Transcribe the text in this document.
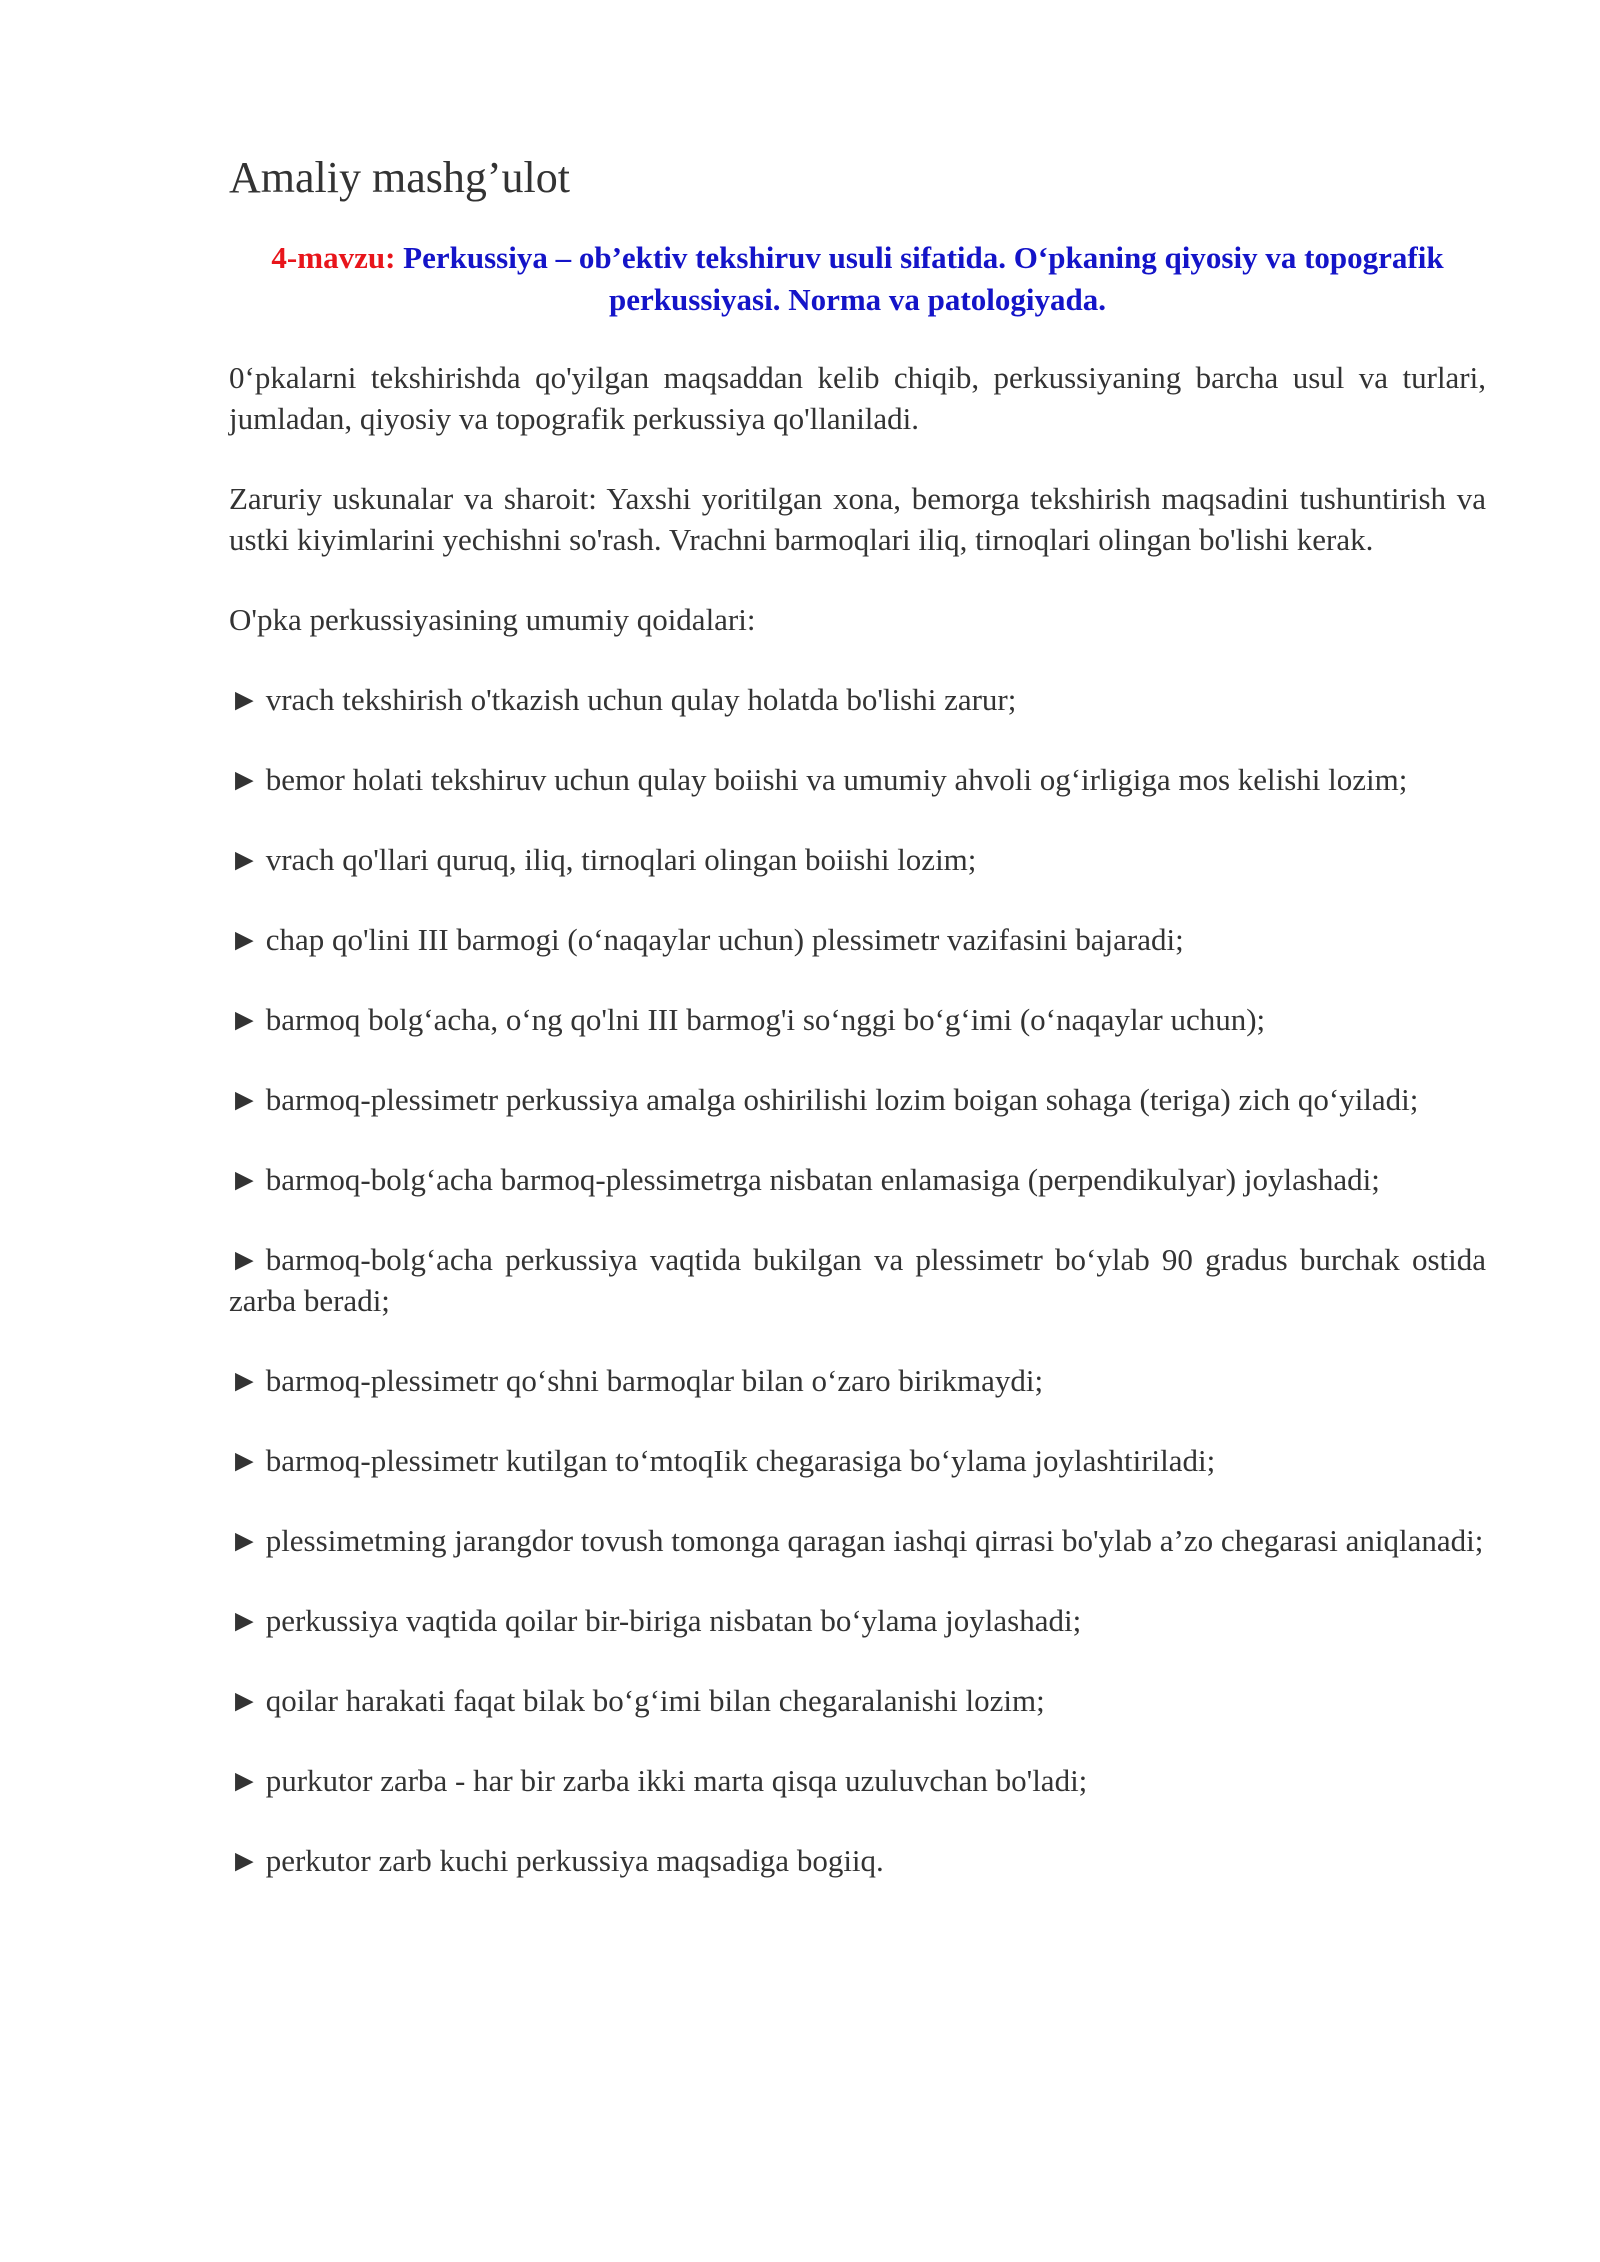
Amaliy mashg’ulot
4-mavzu: Perkussiya – ob’ektiv tekshiruv usuli sifatida. O‘pkaning qiyosiy va topografik perkussiyasi. Norma va patologiyada.

0‘pkalarni tekshirishda qo'yilgan maqsaddan kelib chiqib, perkussiyaning barcha usul va turlari, jumladan, qiyosiy va topografik perkussiya qo'llaniladi.

Zaruriy uskunalar va sharoit: Yaxshi yoritilgan xona, bemorga tekshirish maqsadini tushuntirish va ustki kiyimlarini yechishni so'rash. Vrachni barmoqlari iliq, tirnoqlari olingan bo'lishi kerak.

O'pka perkussiyasining umumiy qoidalari:

► vrach tekshirish o'tkazish uchun qulay holatda bo'lishi zarur;
► bemor holati tekshiruv uchun qulay boiishi va umumiy ahvoli og‘irligiga mos kelishi lozim;
► vrach qo'llari quruq, iliq, tirnoqlari olingan boiishi lozim;
► chap qo'lini III barmogi (o‘naqaylar uchun) plessimetr vazifasini bajaradi;
► barmoq bolg‘acha, o‘ng qo'lni III barmog'i so‘nggi bo‘g‘imi (o‘naqaylar uchun);
► barmoq-plessimetr perkussiya amalga oshirilishi lozim boigan sohaga (teriga) zich qo‘yiladi;
► barmoq-bolg‘acha barmoq-plessimetrga nisbatan enlamasiga (perpendikulyar) joylashadi;
► barmoq-bolg‘acha perkussiya vaqtida bukilgan va plessimetr bo‘ylab 90 gradus burchak ostida zarba beradi;
► barmoq-plessimetr qo‘shni barmoqlar bilan o‘zaro birikmaydi;
► barmoq-plessimetr kutilgan to‘mtoqIik chegarasiga bo‘ylama joylashtiriladi;
► plessimetming jarangdor tovush tomonga qaragan iashqi qirrasi bo'ylab a’zo chegarasi aniqlanadi;
► perkussiya vaqtida qoilar bir-biriga nisbatan bo‘ylama joylashadi;
► qoilar harakati faqat bilak bo‘g‘imi bilan chegaralanishi lozim;
► purkutor zarba - har bir zarba ikki marta qisqa uzuluvchan bo'ladi;
► perkutor zarb kuchi perkussiya maqsadiga bogiiq.
